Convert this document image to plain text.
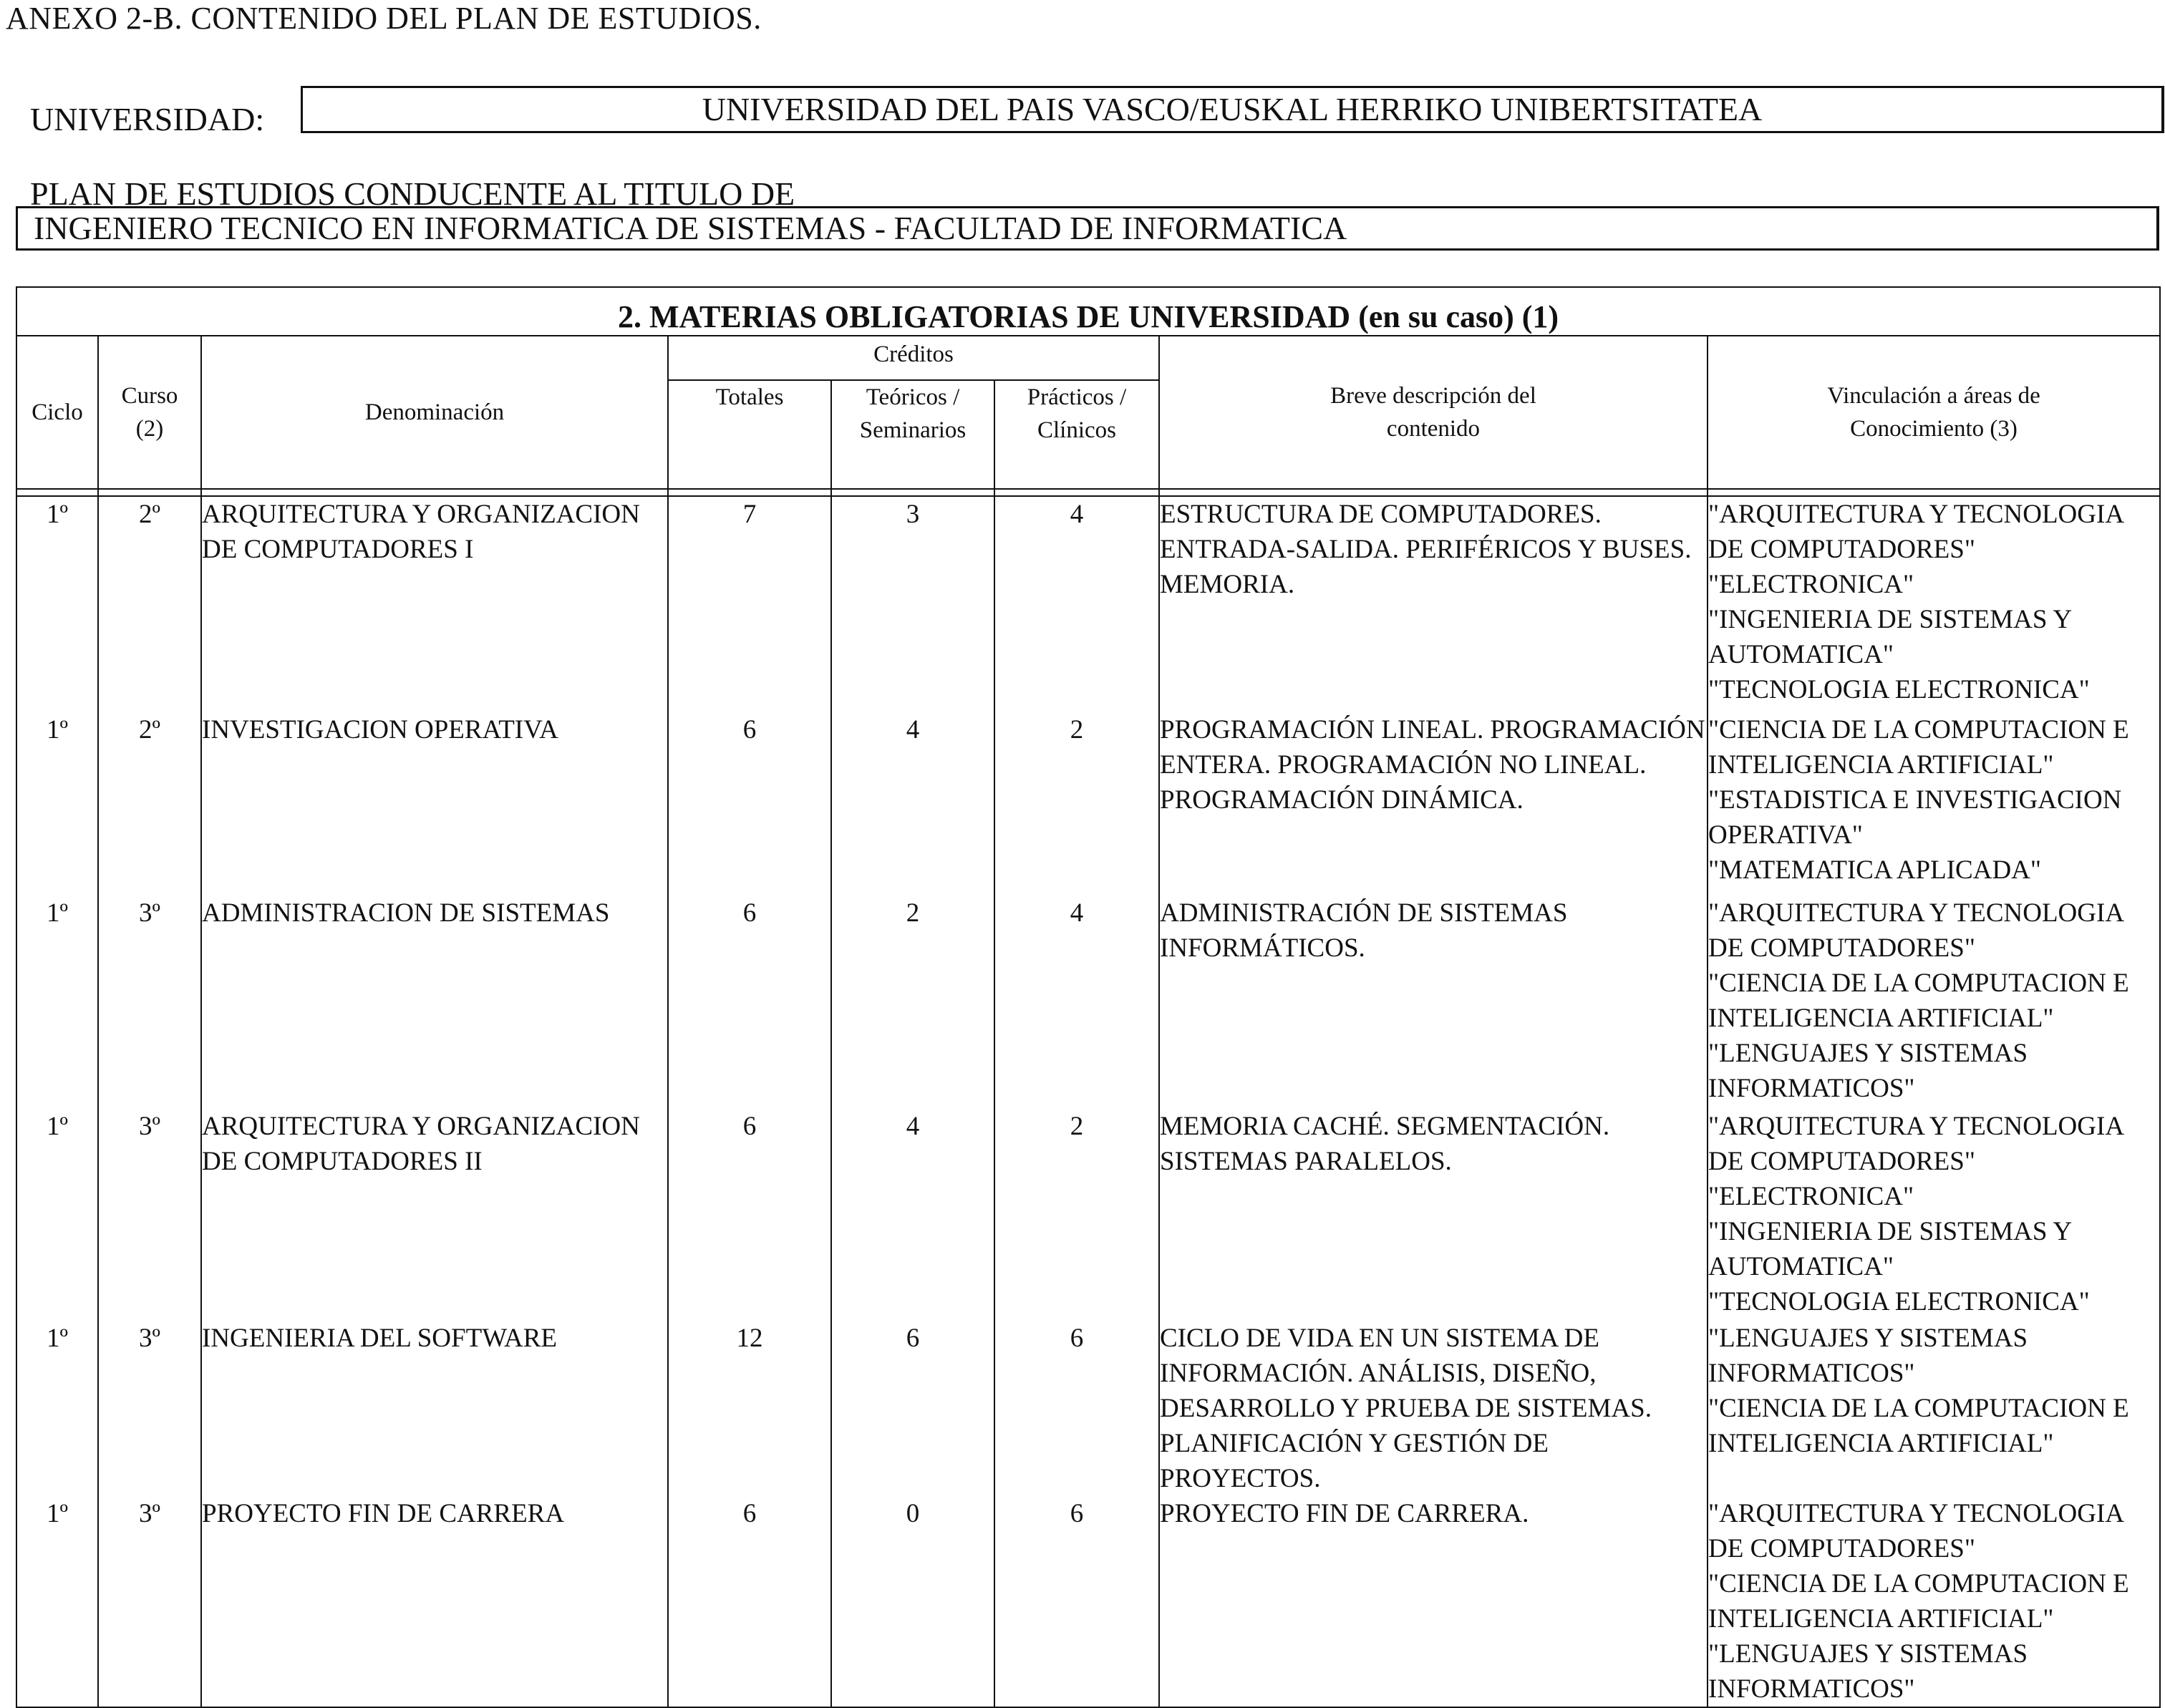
ANEXO 2-B. CONTENIDO DEL PLAN DE ESTUDIOS.
UNIVERSIDAD:	UNIVERSIDAD DEL PAIS VASCO/EUSKAL HERRIKO UNIBERTSITATEA
PLAN DE ESTUDIOS CONDUCENTE AL TITULO DE
INGENIERO TECNICO EN INFORMATICA DE SISTEMAS - FACULTAD DE INFORMATICA
2. MATERIAS OBLIGATORIAS DE UNIVERSIDAD (en su caso) (1)							
Ciclo	Curso (2)	Denominación	Créditos			Breve descripción del contenido	Vinculación a áreas de Conocimiento (3)
			Totales	Teóricos / Seminarios	Prácticos / Clínicos		

1º	2º	ARQUITECTURA Y ORGANIZACION DE COMPUTADORES I	7	3	4	ESTRUCTURA DE COMPUTADORES. ENTRADA-SALIDA. PERIFÉRICOS Y BUSES. MEMORIA.	"ARQUITECTURA Y TECNOLOGIA DE COMPUTADORES"
"ELECTRONICA"
"INGENIERIA DE SISTEMAS Y AUTOMATICA"
"TECNOLOGIA ELECTRONICA"

1º	2º	INVESTIGACION OPERATIVA	6	4	2	PROGRAMACIÓN LINEAL. PROGRAMACIÓN ENTERA. PROGRAMACIÓN NO LINEAL. PROGRAMACIÓN DINÁMICA.	"CIENCIA DE LA COMPUTACION E INTELIGENCIA ARTIFICIAL"
"ESTADISTICA E INVESTIGACION OPERATIVA"
"MATEMATICA APLICADA"

1º	3º	ADMINISTRACION DE SISTEMAS	6	2	4	ADMINISTRACIÓN DE SISTEMAS INFORMÁTICOS.	"ARQUITECTURA Y TECNOLOGIA DE COMPUTADORES"
"CIENCIA DE LA COMPUTACION E INTELIGENCIA ARTIFICIAL"
"LENGUAJES Y SISTEMAS INFORMATICOS"

1º	3º	ARQUITECTURA Y ORGANIZACION DE COMPUTADORES II	6	4	2	MEMORIA CACHÉ. SEGMENTACIÓN. SISTEMAS PARALELOS.	"ARQUITECTURA Y TECNOLOGIA DE COMPUTADORES"
"ELECTRONICA"
"INGENIERIA DE SISTEMAS Y AUTOMATICA"
"TECNOLOGIA ELECTRONICA"

1º	3º	INGENIERIA DEL SOFTWARE	12	6	6	CICLO DE VIDA EN UN SISTEMA DE INFORMACIÓN. ANÁLISIS, DISEÑO, DESARROLLO Y PRUEBA DE SISTEMAS. PLANIFICACIÓN Y GESTIÓN DE PROYECTOS.	"LENGUAJES Y SISTEMAS INFORMATICOS"
"CIENCIA DE LA COMPUTACION E INTELIGENCIA ARTIFICIAL"

1º	3º	PROYECTO FIN DE CARRERA	6	0	6	PROYECTO FIN DE CARRERA.	"ARQUITECTURA Y TECNOLOGIA DE COMPUTADORES"
"CIENCIA DE LA COMPUTACION E INTELIGENCIA ARTIFICIAL"
"LENGUAJES Y SISTEMAS INFORMATICOS"
